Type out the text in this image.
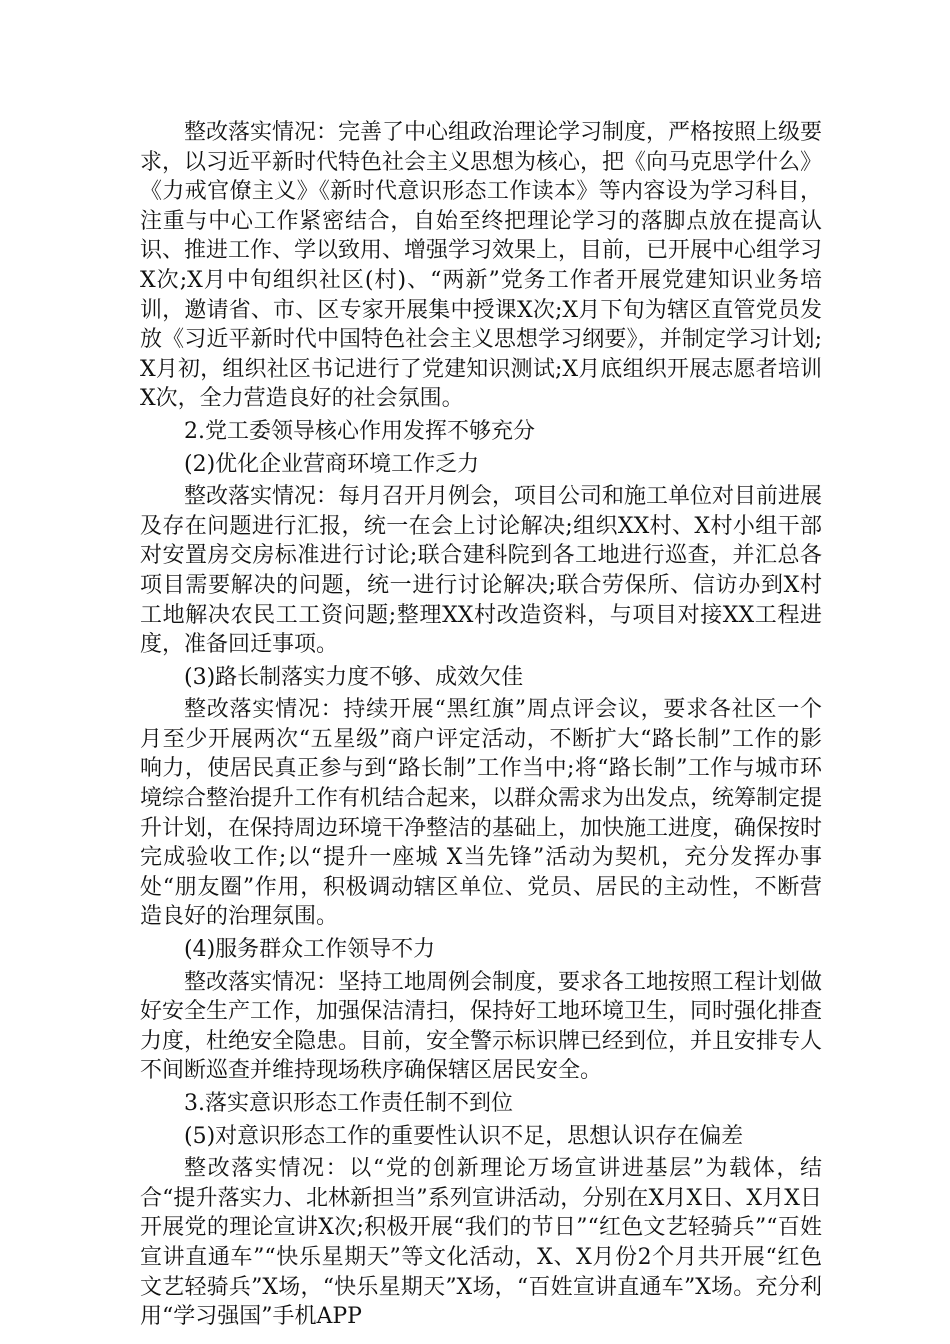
整改落实情况：完善了中心组政治理论学习制度，严格按照上级要求，以习近平新时代特色社会主义思想为核心，把《向马克思学什么》《力戒官僚主义》《新时代意识形态工作读本》等内容设为学习科目，注重与中心工作紧密结合，自始至终把理论学习的落脚点放在提高认识、推进工作、学以致用、增强学习效果上，目前，已开展中心组学习X次;X月中旬组织社区(村)、“两新”党务工作者开展党建知识业务培训，邀请省、市、区专家开展集中授课X次;X月下旬为辖区直管党员发放《习近平新时代中国特色社会主义思想学习纲要》，并制定学习计划;X月初，组织社区书记进行了党建知识测试;X月底组织开展志愿者培训X次，全力营造良好的社会氛围。

2.党工委领导核心作用发挥不够充分

(2)优化企业营商环境工作乏力

整改落实情况：每月召开月例会，项目公司和施工单位对目前进展及存在问题进行汇报，统一在会上讨论解决;组织XX村、X村小组干部对安置房交房标准进行讨论;联合建科院到各工地进行巡查，并汇总各项目需要解决的问题，统一进行讨论解决;联合劳保所、信访办到X村工地解决农民工工资问题;整理XX村改造资料，与项目对接XX工程进度，准备回迁事项。

(3)路长制落实力度不够、成效欠佳

整改落实情况：持续开展“黑红旗”周点评会议，要求各社区一个月至少开展两次“五星级”商户评定活动，不断扩大“路长制”工作的影响力，使居民真正参与到“路长制”工作当中;将“路长制”工作与城市环境综合整治提升工作有机结合起来，以群众需求为出发点，统筹制定提升计划，在保持周边环境干净整洁的基础上，加快施工进度，确保按时完成验收工作;以“提升一座城 X当先锋”活动为契机，充分发挥办事处“朋友圈”作用，积极调动辖区单位、党员、居民的主动性，不断营造良好的治理氛围。

(4)服务群众工作领导不力

整改落实情况：坚持工地周例会制度，要求各工地按照工程计划做好安全生产工作，加强保洁清扫，保持好工地环境卫生，同时强化排查力度，杜绝安全隐患。目前，安全警示标识牌已经到位，并且安排专人不间断巡查并维持现场秩序确保辖区居民安全。

3.落实意识形态工作责任制不到位

(5)对意识形态工作的重要性认识不足，思想认识存在偏差

整改落实情况：以“党的创新理论万场宣讲进基层”为载体，结合“提升落实力、北林新担当”系列宣讲活动，分别在X月X日、X月X日开展党的理论宣讲X次;积极开展“我们的节日”“红色文艺轻骑兵”“百姓宣讲直通车”“快乐星期天”等文化活动，X、X月份2个月共开展“红色文艺轻骑兵”X场，“快乐星期天”X场，“百姓宣讲直通车”X场。充分利用“学习强国”手机APP
